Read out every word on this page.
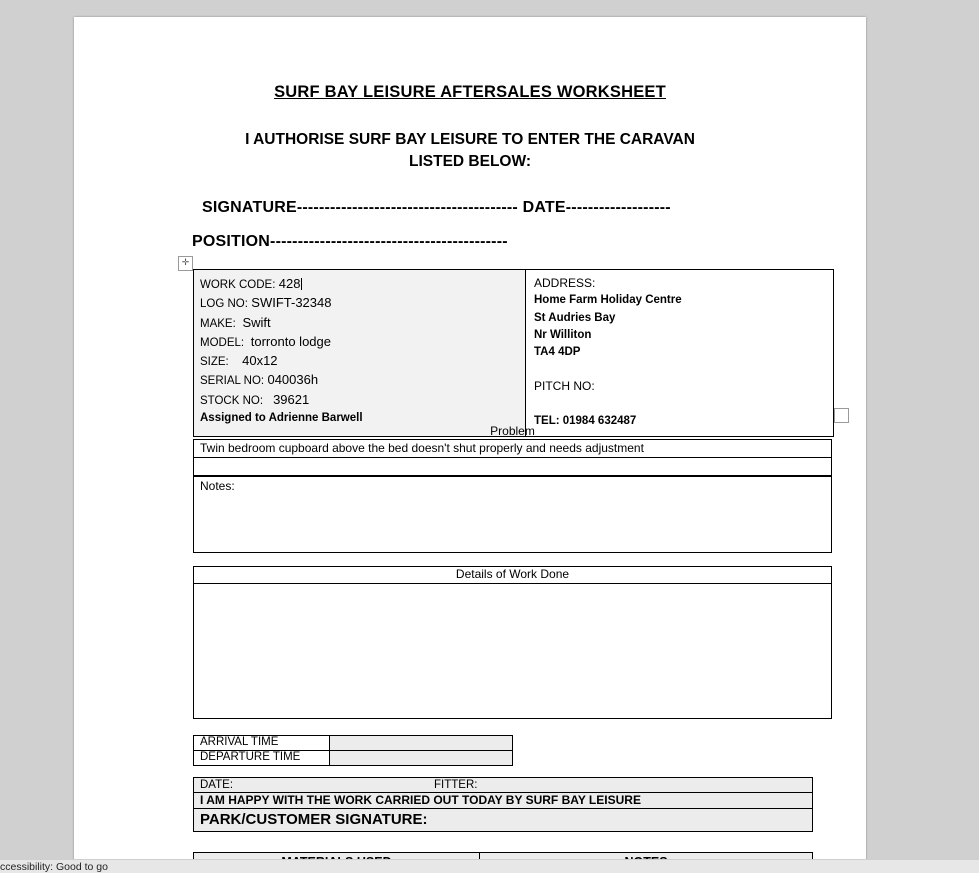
SURF BAY LEISURE AFTERSALES WORKSHEET
I AUTHORISE SURF BAY LEISURE TO ENTER THE CARAVAN
LISTED BELOW:
SIGNATURE---------------------------------------- DATE-------------------
POSITION-------------------------------------------
WORK CODE: 428
LOG NO: SWIFT-32348
MAKE: Swift
MODEL: torronto lodge
SIZE: 40x12
SERIAL NO: 040036h
STOCK NO: 39621
Assigned to Adrienne Barwell
ADDRESS:
Home Farm Holiday Centre
St Audries Bay
Nr Williton
TA4 4DP

PITCH NO:

TEL: 01984 632487
Problem
Twin bedroom cupboard above the bed doesn't shut properly and needs adjustment
Notes:
Details of Work Done
ARRIVAL TIME
DEPARTURE TIME
DATE:	FITTER:
I AM HAPPY WITH THE WORK CARRIED OUT TODAY BY SURF BAY LEISURE
PARK/CUSTOMER SIGNATURE:
✛
ccessibility: Good to go
